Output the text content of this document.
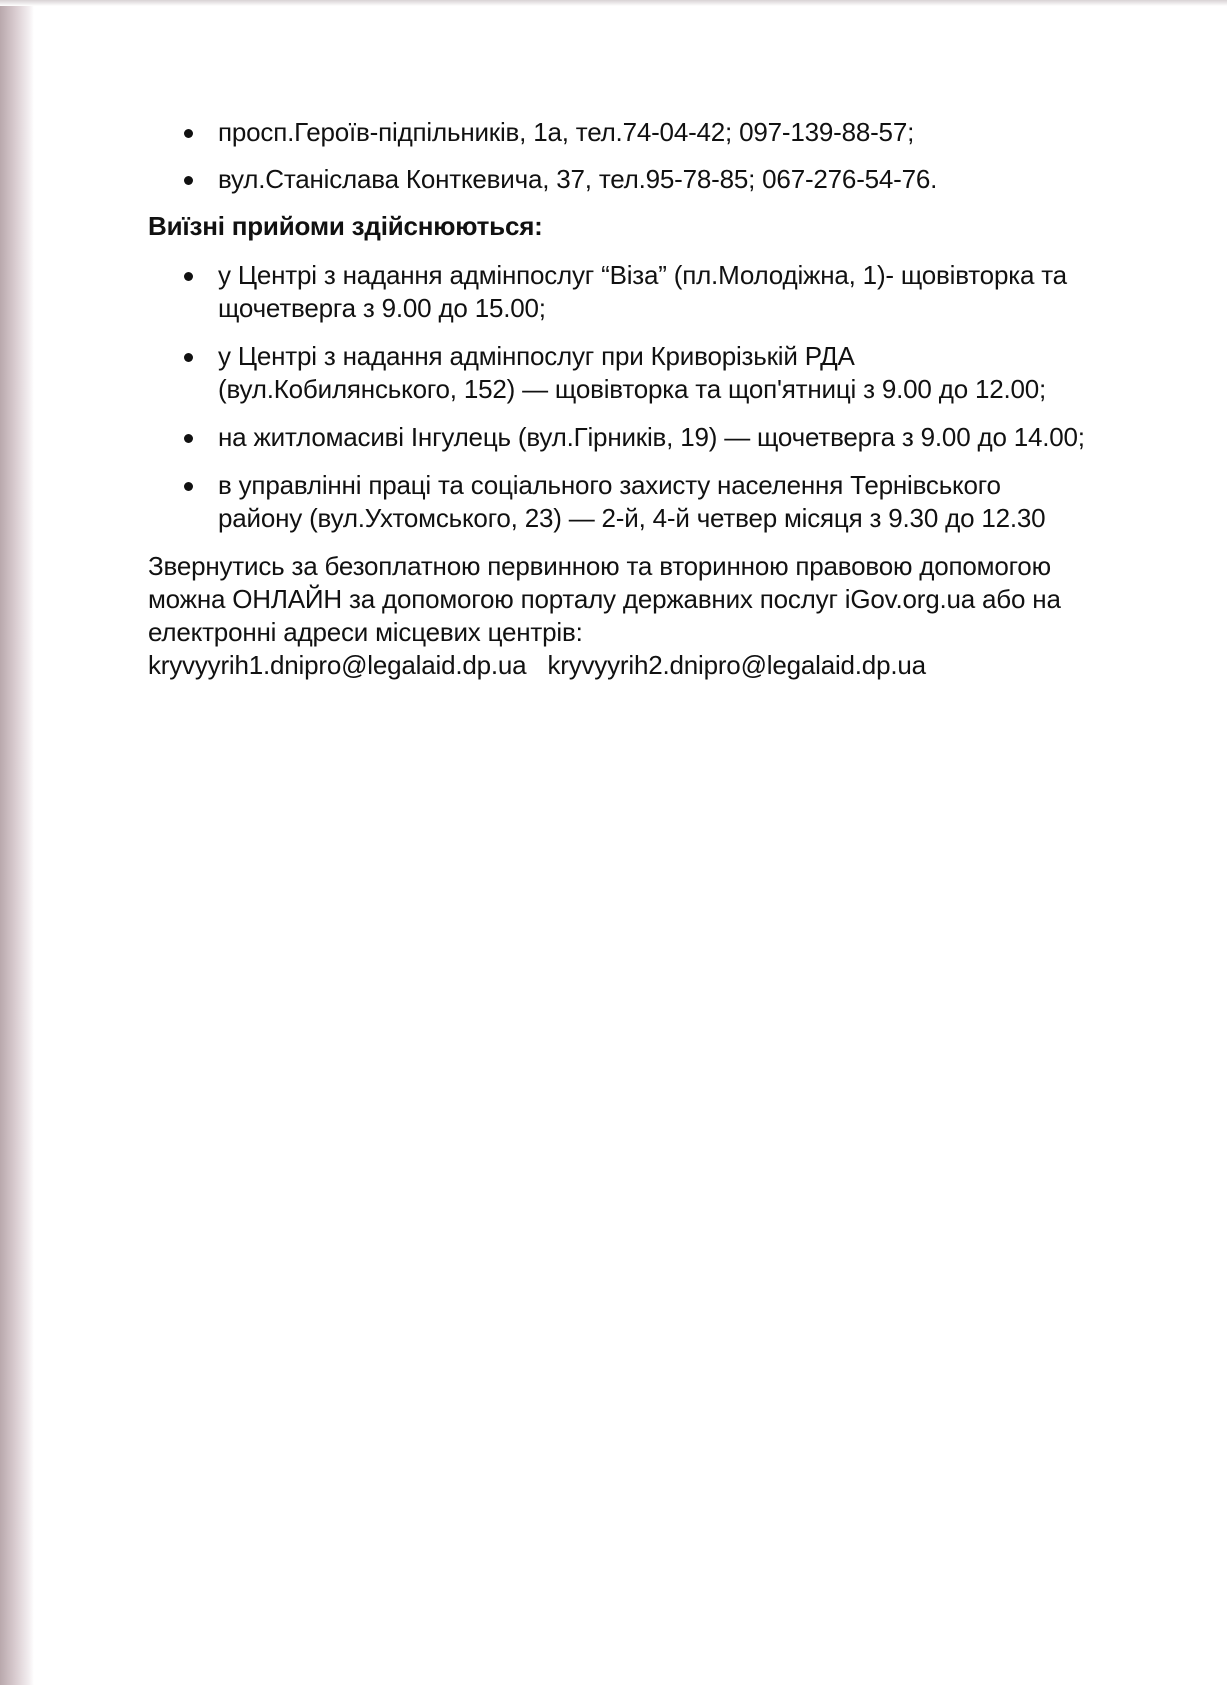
просп.Героїв-підпільників, 1а, тел.74-04-42; 097-139-88-57;
вул.Станіслава Конткевича, 37, тел.95-78-85; 067-276-54-76.
Виїзні прийоми здійснюються:
у Центрі з надання адмінпослуг “Віза” (пл.Молодіжна, 1)- щовівторка та щочетверга з 9.00 до 15.00;
у Центрі з надання адмінпослуг при Криворізькій РДА (вул.Кобилянського, 152) — щовівторка та щоп'ятниці з 9.00 до 12.00;
на житломасиві Інгулець (вул.Гірників, 19) — щочетверга з 9.00 до 14.00;
в управлінні праці та соціального захисту населення Тернівського району (вул.Ухтомського, 23) — 2-й, 4-й четвер місяця з 9.30 до 12.30
Звернутись за безоплатною первинною та вторинною правовою допомогою можна ОНЛАЙН за допомогою порталу державних послуг iGov.org.ua або на електронні адреси місцевих центрів:
kryvyyrih1.dnipro@legalaid.dp.ua kryvyyrih2.dnipro@legalaid.dp.ua
